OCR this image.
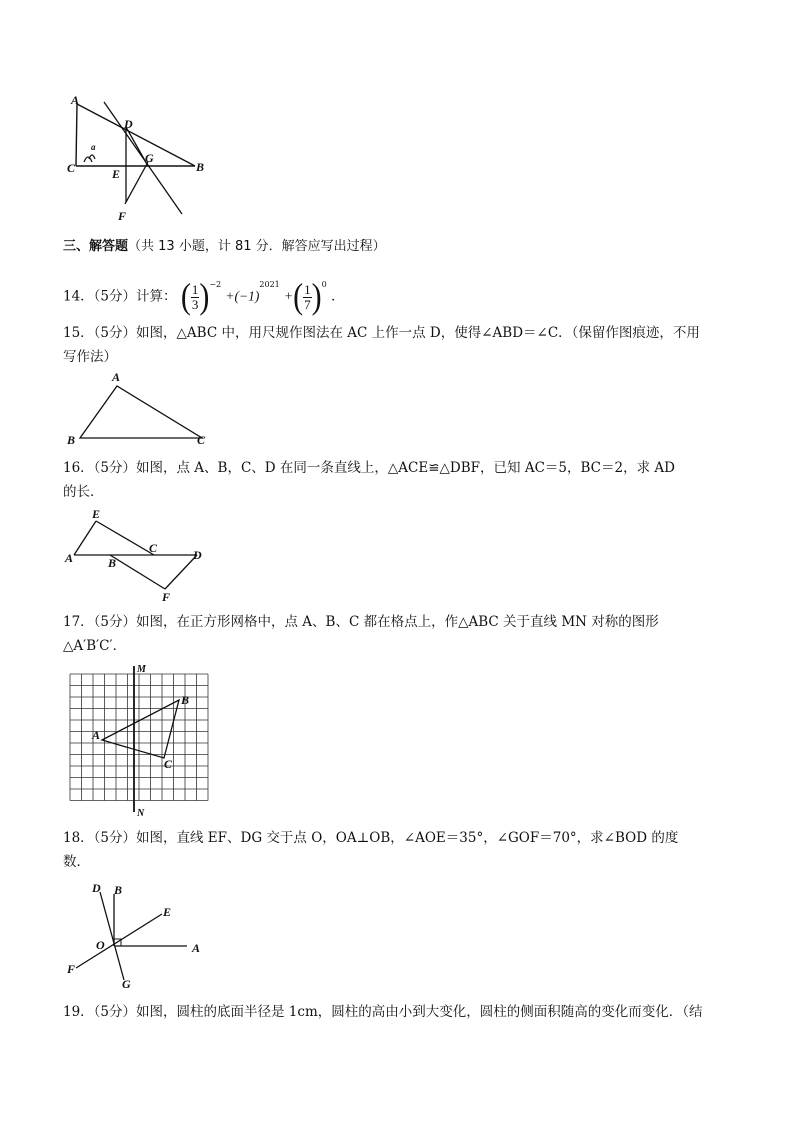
A
D
a
C
G
B
E
F
三、解答题（共 13 小题，计 81 分．解答应写出过程）
14．（5分）计算： ( $\frac{1}{3} )^{-2} +(-1)^{2021}$ +( $\frac{1}{7} )^0$ ．
15．（5分）如图，△ABC 中，用尺规作图法在 AC 上作一点 D，使得∠ABD＝∠C．（保留作图痕迹，不用
写作法）
A
B	C
16．（5分）如图，点 A、B，C、D 在同一条直线上，△ACE≌△DBF，已知 AC＝5，BC＝2，求 AD
的长．
E
A	B
C	D
F
17．（5分）如图，在正方形网格中，点 A、B、C 都在格点上，作△ABC 关于直线 MN 对称的图形
△A′B′C′．
M
N
A
B
C
18．（5分）如图，直线 EF、DG 交于点 O，OA⊥OB，∠AOE＝35°，∠GOF＝70°，求∠BOD 的度
数．
D B
E
O	A
F
G
19．（5分）如图，圆柱的底面半径是 1cm，圆柱的高由小到大变化，圆柱的侧面积随高的变化而变化．（结
